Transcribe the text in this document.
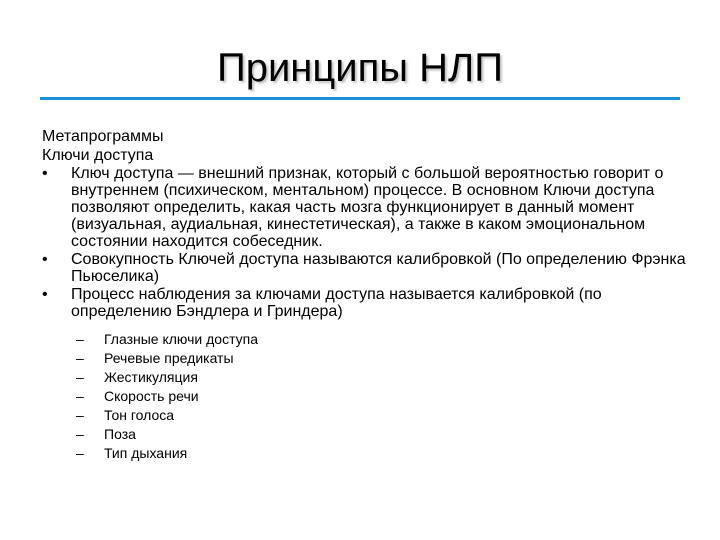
Принципы НЛП

Метапрограммы

Ключи доступа

•	Ключ доступа — внешний признак, который с большой вероятностью говорит о внутреннем (психическом, ментальном) процессе. В основном Ключи доступа позволяют определить, какая часть мозга функционирует в данный момент (визуальная, аудиальная, кинестетическая), а также в каком эмоциональном состоянии находится собеседник.
•	Совокупность Ключей доступа называются калибровкой (По определению Фрэнка Пьюселика)
•	Процесс наблюдения за ключами доступа называется калибровкой (по определению Бэндлера и Гриндера)
– Глазные ключи доступа
– Речевые предикаты
– Жестикуляция
– Скорость речи
– Тон голоса
– Поза
– Тип дыхания
